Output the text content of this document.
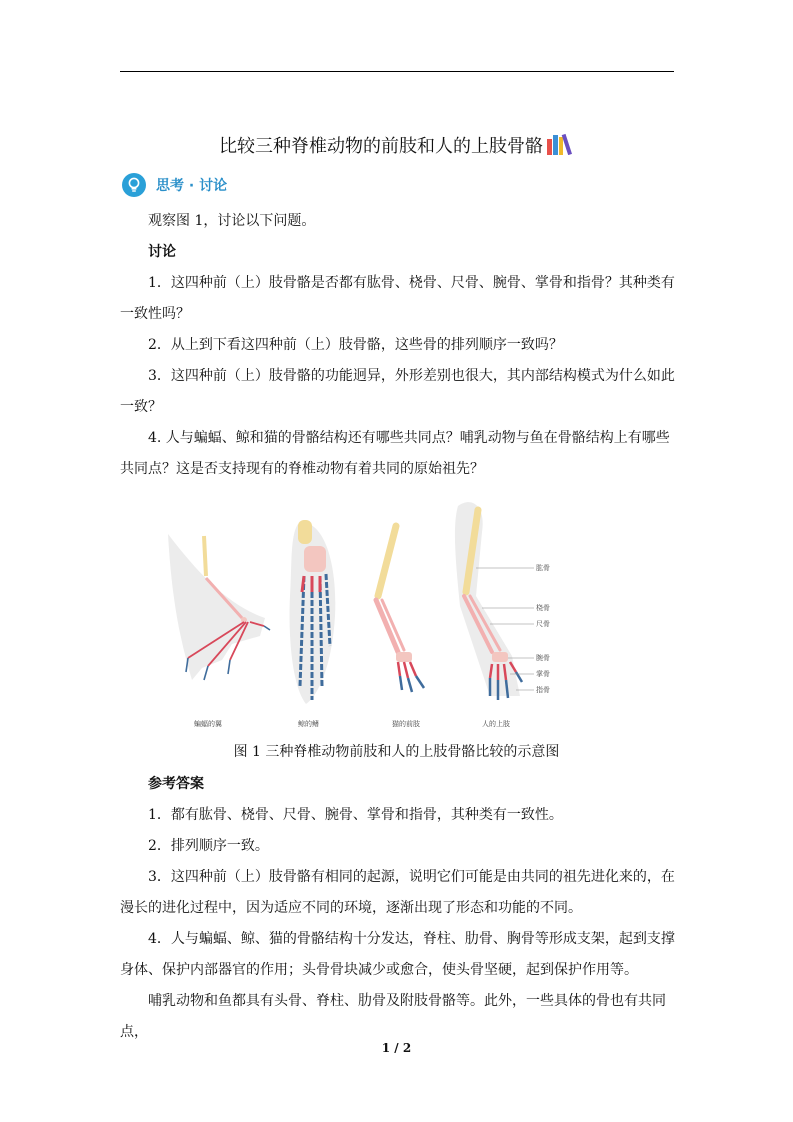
比较三种脊椎动物的前肢和人的上肢骨骼
思考 · 讨论

观察图 1，讨论以下问题。

讨论

1．这四种前（上）肢骨骼是否都有肱骨、桡骨、尺骨、腕骨、掌骨和指骨？其种类有一致性吗？

2．从上到下看这四种前（上）肢骨骼，这些骨的排列顺序一致吗？

3．这四种前（上）肢骨骼的功能迥异，外形差别也很大，其内部结构模式为什么如此一致？

4. 人与蝙蝠、鲸和猫的骨骼结构还有哪些共同点？哺乳动物与鱼在骨骼结构上有哪些共同点？这是否支持现有的脊椎动物有着共同的原始祖先？

肱骨
桡骨
尺骨
腕骨
掌骨
指骨
蝙蝠的翼	鲸的鳍	猫的前肢	人的上肢
图 1 三种脊椎动物前肢和人的上肢骨骼比较的示意图

参考答案

1．都有肱骨、桡骨、尺骨、腕骨、掌骨和指骨，其种类有一致性。

2．排列顺序一致。

3．这四种前（上）肢骨骼有相同的起源，说明它们可能是由共同的祖先进化来的，在漫长的进化过程中，因为适应不同的环境，逐渐出现了形态和功能的不同。

4．人与蝙蝠、鲸、猫的骨骼结构十分发达，脊柱、肋骨、胸骨等形成支架，起到支撑身体、保护内部器官的作用；头骨骨块减少或愈合，使头骨坚硬，起到保护作用等。

哺乳动物和鱼都具有头骨、脊柱、肋骨及附肢骨骼等。此外，一些具体的骨也有共同点，

1 / 2
